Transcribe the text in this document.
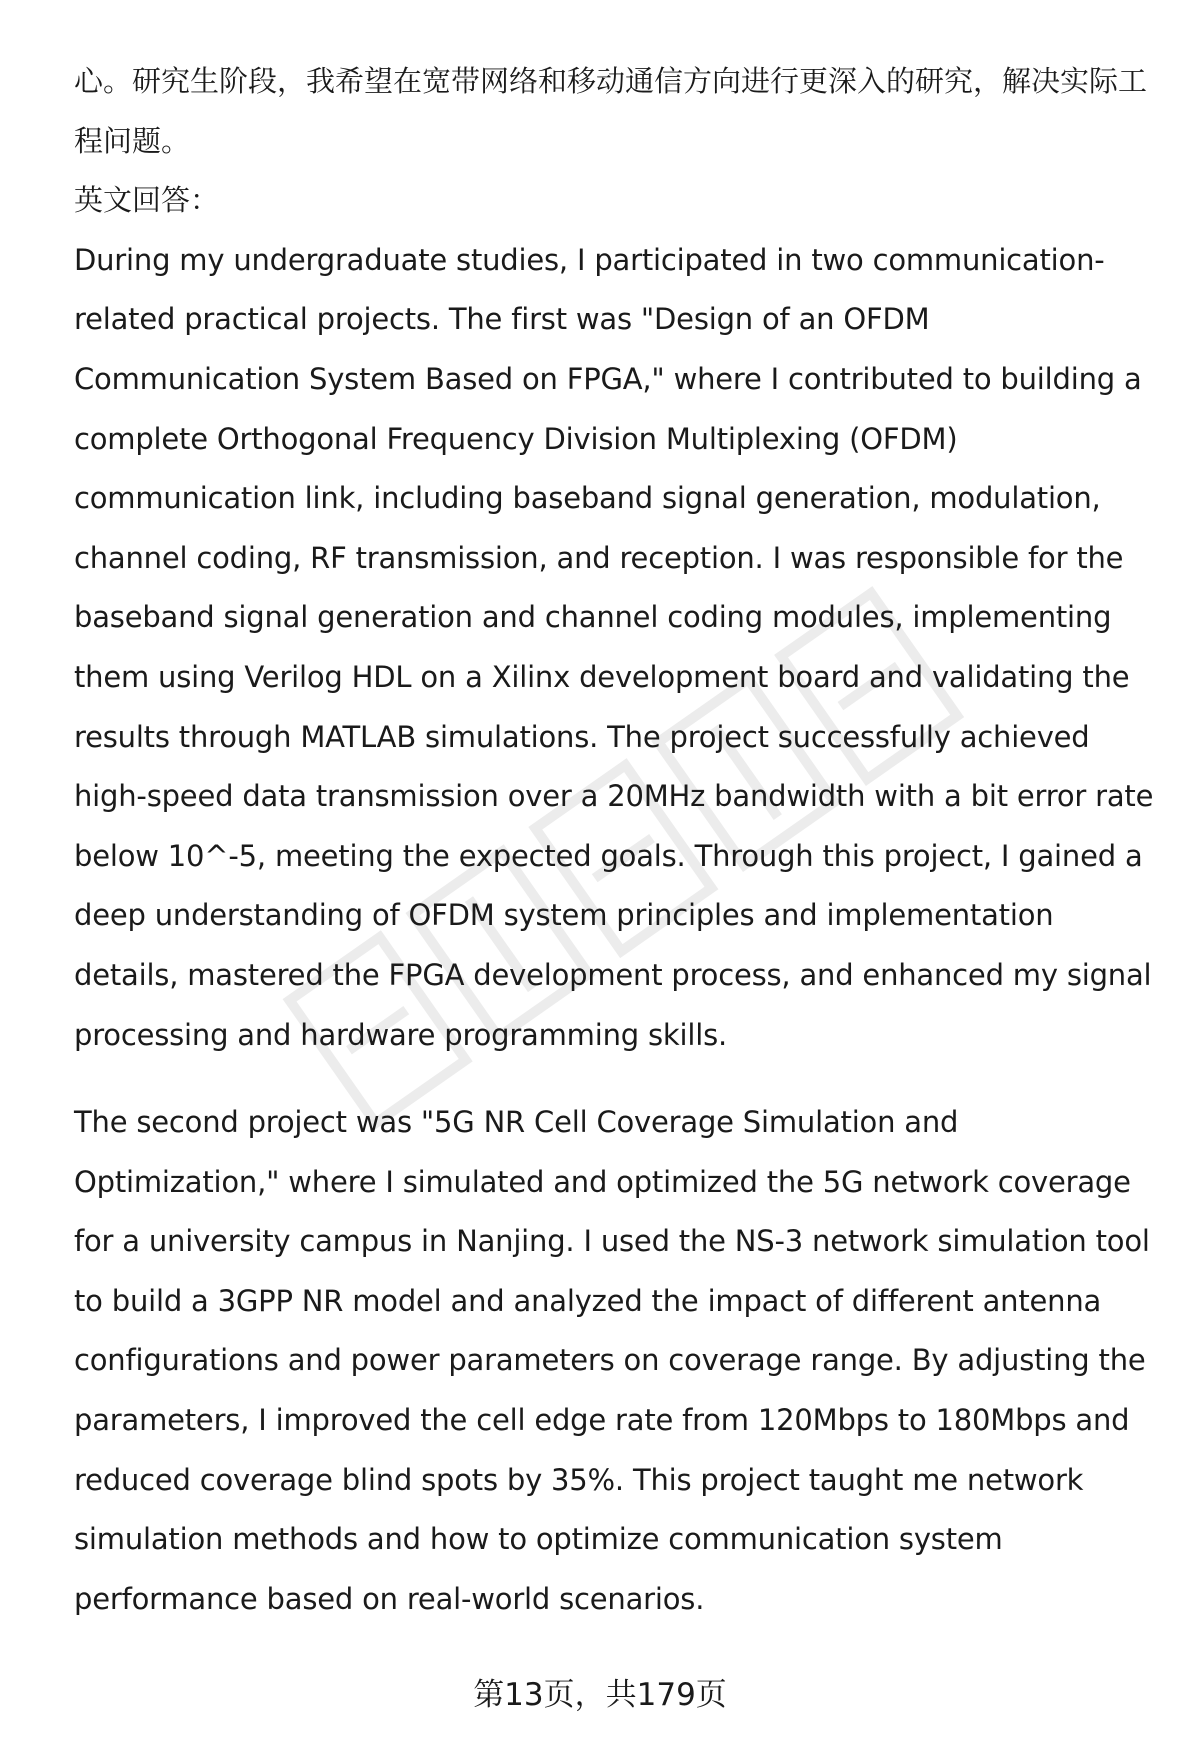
心。研究生阶段，我希望在宽带网络和移动通信方向进行更深入的研究，解决实际工程问题。

英文回答：

During my undergraduate studies, I participated in two communication-related practical projects. The first was "Design of an OFDM Communication System Based on FPGA," where I contributed to building a complete Orthogonal Frequency Division Multiplexing (OFDM) communication link, including baseband signal generation, modulation, channel coding, RF transmission, and reception. I was responsible for the baseband signal generation and channel coding modules, implementing them using Verilog HDL on a Xilinx development board and validating the results through MATLAB simulations. The project successfully achieved high-speed data transmission over a 20MHz bandwidth with a bit error rate below 10^-5, meeting the expected goals. Through this project, I gained a deep understanding of OFDM system principles and implementation details, mastered the FPGA development process, and enhanced my signal processing and hardware programming skills.

The second project was "5G NR Cell Coverage Simulation and Optimization," where I simulated and optimized the 5G network coverage for a university campus in Nanjing. I used the NS-3 network simulation tool to build a 3GPP NR model and analyzed the impact of different antenna configurations and power parameters on coverage range. By adjusting the parameters, I improved the cell edge rate from 120Mbps to 180Mbps and reduced coverage blind spots by 35%. This project taught me network simulation methods and how to optimize communication system performance based on real-world scenarios.

第13页，共179页
